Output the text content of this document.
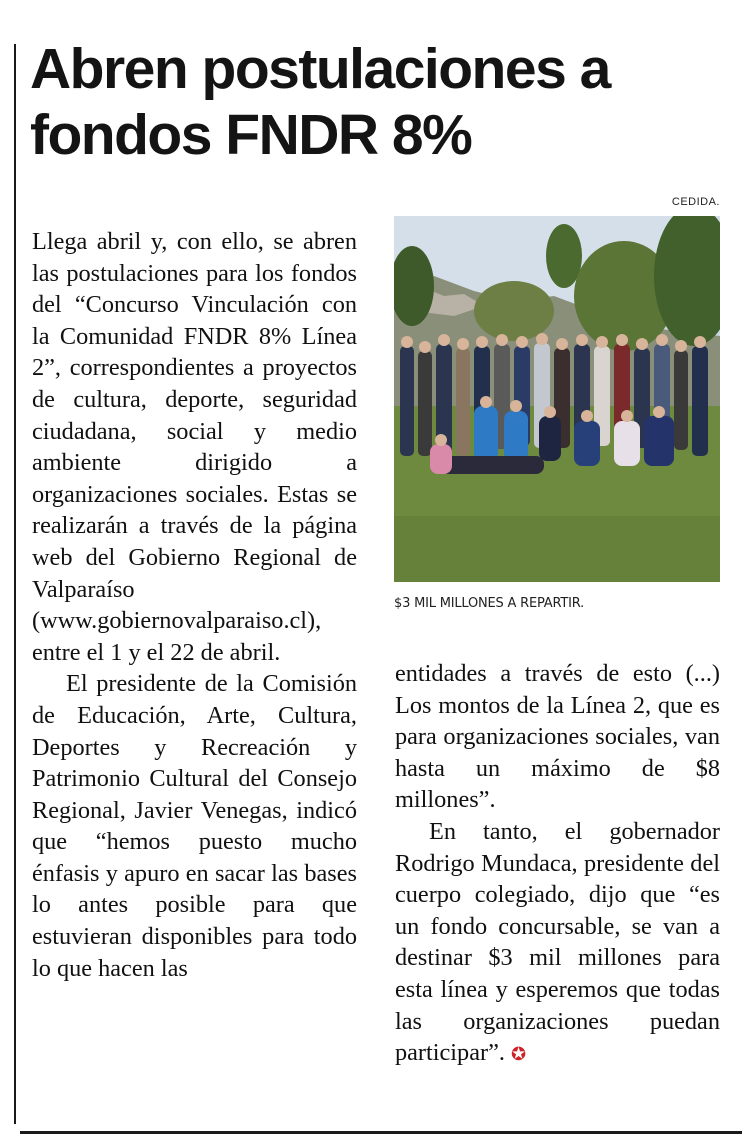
Abren postulaciones a fondos FNDR 8%
CEDIDA.
$3 MIL MILLONES A REPARTIR.

Llega abril y, con ello, se abren las postulaciones para los fondos del “Concurso Vinculación con la Comunidad FNDR 8% Línea 2”, correspondientes a proyectos de cultura, deporte, seguridad ciudadana, social y medio ambiente dirigido a organizaciones sociales. Estas se realizarán a través de la página web del Gobierno Regional de Valparaíso (www.gobiernovalparaiso.cl), entre el 1 y el 22 de abril.

El presidente de la Comisión de Educación, Arte, Cultura, Deportes y Recreación y Patrimonio Cultural del Consejo Regional, Javier Venegas, indicó que “hemos puesto mucho énfasis y apuro en sacar las bases lo antes posible para que estuvieran disponibles para todo lo que hacen las

entidades a través de esto (...) Los montos de la Línea 2, que es para organizaciones sociales, van hasta un máximo de $8 millones”.

En tanto, el gobernador Rodrigo Mundaca, presidente del cuerpo colegiado, dijo que “es un fondo concursable, se van a destinar $3 mil millones para esta línea y esperemos que todas las organizaciones puedan participar”. ✪
